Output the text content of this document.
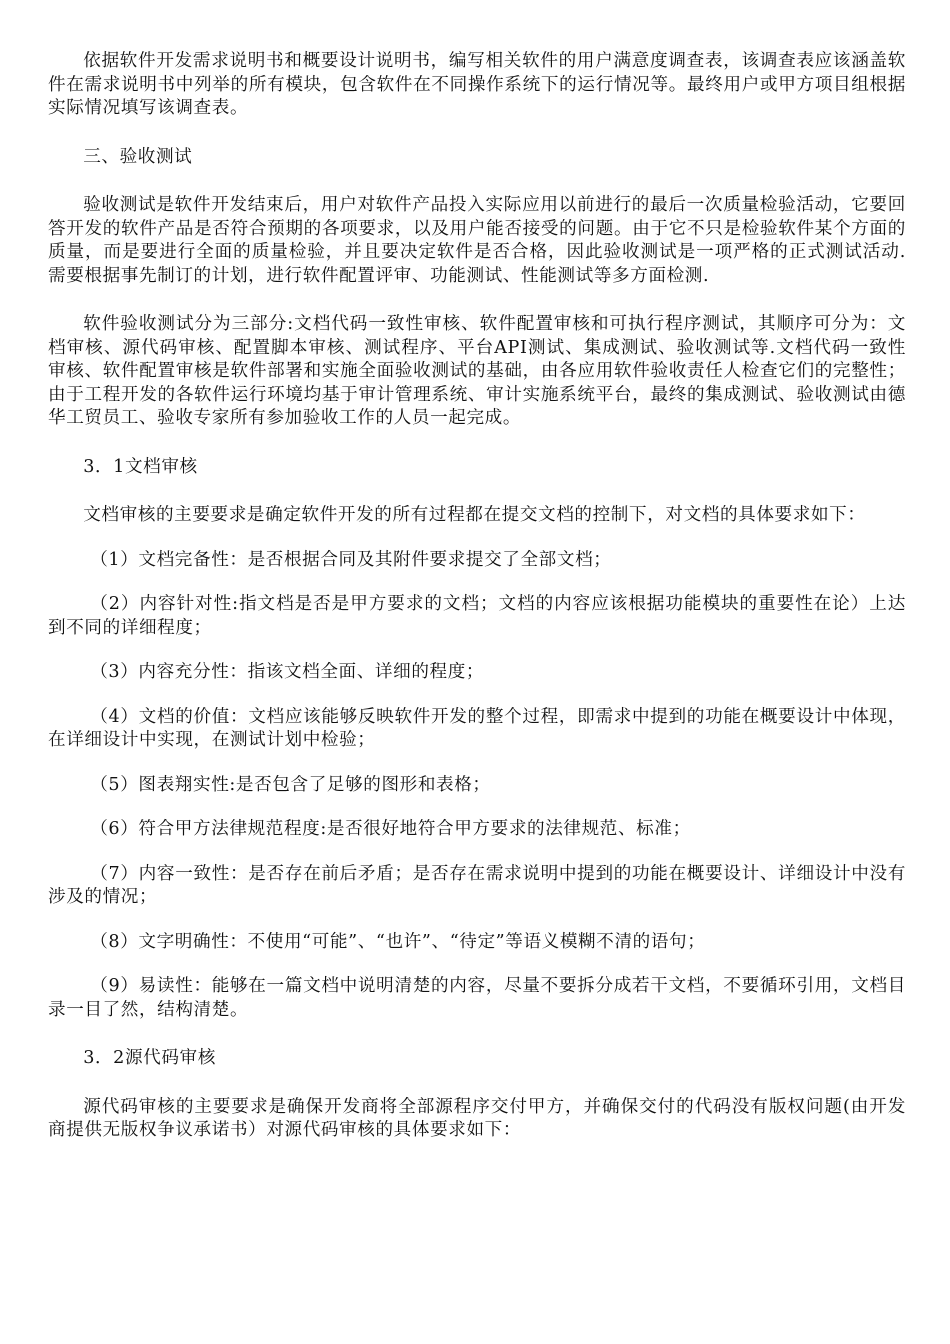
依据软件开发需求说明书和概要设计说明书，编写相关软件的用户满意度调查表，该调查表应该涵盖软件在需求说明书中列举的所有模块，包含软件在不同操作系统下的运行情况等。最终用户或甲方项目组根据实际情况填写该调查表。

三、验收测试

验收测试是软件开发结束后，用户对软件产品投入实际应用以前进行的最后一次质量检验活动，它要回答开发的软件产品是否符合预期的各项要求，以及用户能否接受的问题。由于它不只是检验软件某个方面的质量，而是要进行全面的质量检验，并且要决定软件是否合格，因此验收测试是一项严格的正式测试活动.需要根据事先制订的计划，进行软件配置评审、功能测试、性能测试等多方面检测.

软件验收测试分为三部分:文档代码一致性审核、软件配置审核和可执行程序测试，其顺序可分为：文档审核、源代码审核、配置脚本审核、测试程序、平台API测试、集成测试、验收测试等.文档代码一致性审核、软件配置审核是软件部署和实施全面验收测试的基础，由各应用软件验收责任人检查它们的完整性；由于工程开发的各软件运行环境均基于审计管理系统、审计实施系统平台，最终的集成测试、验收测试由德华工贸员工、验收专家所有参加验收工作的人员一起完成。

3．1文档审核

文档审核的主要要求是确定软件开发的所有过程都在提交文档的控制下，对文档的具体要求如下：

（1）文档完备性：是否根据合同及其附件要求提交了全部文档；

（2）内容针对性:指文档是否是甲方要求的文档；文档的内容应该根据功能模块的重要性在论）上达到不同的详细程度；

（3）内容充分性：指该文档全面、详细的程度；

（4）文档的价值：文档应该能够反映软件开发的整个过程，即需求中提到的功能在概要设计中体现，在详细设计中实现，在测试计划中检验；

（5）图表翔实性:是否包含了足够的图形和表格；

（6）符合甲方法律规范程度:是否很好地符合甲方要求的法律规范、标准；

（7）内容一致性：是否存在前后矛盾；是否存在需求说明中提到的功能在概要设计、详细设计中没有涉及的情况；

（8）文字明确性：不使用“可能”、“也许”、“待定”等语义模糊不清的语句；

（9）易读性：能够在一篇文档中说明清楚的内容，尽量不要拆分成若干文档，不要循环引用，文档目录一目了然，结构清楚。

3．2源代码审核

源代码审核的主要要求是确保开发商将全部源程序交付甲方，并确保交付的代码没有版权问题(由开发商提供无版权争议承诺书）对源代码审核的具体要求如下：
